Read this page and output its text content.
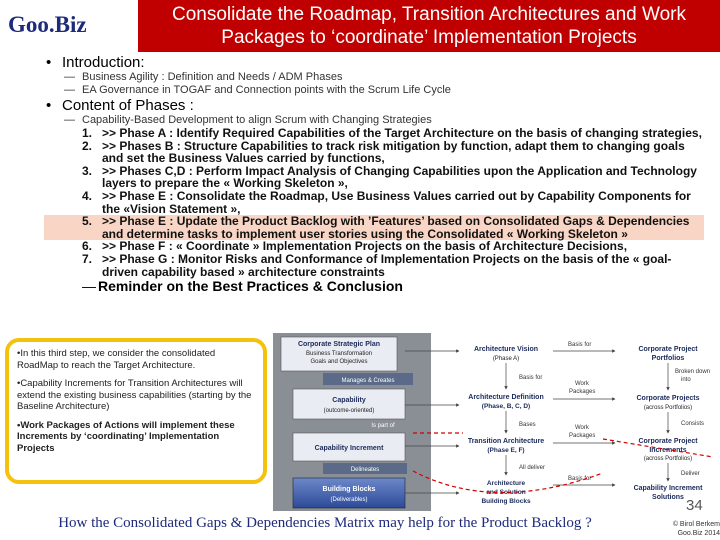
Goo.Biz	Consolidate the Roadmap, Transition Architectures and Work Packages to ‘coordinate’ Implementation Projects
• Introduction:
— Business Agility : Definition and Needs / ADM Phases
— EA Governance in TOGAF and Connection points with the Scrum Life Cycle
• Content of Phases :
— Capability-Based Development to align Scrum with Changing Strategies
1. >> Phase A : Identify Required Capabilities of the Target Architecture on the basis of changing strategies,
2. >> Phases B : Structure Capabilities to track risk mitigation by function, adapt them to changing goals and set the Business Values carried by functions,
3. >> Phases C,D : Perform Impact Analysis of Changing Capabilities upon the Application and Technology layers to prepare the « Working Skeleton »,
4. >> Phase E : Consolidate the Roadmap, Use Business Values carried out by Capability Components for the «Vision Statement »,
5. >> Phase E : Update the Product Backlog with ’Features’ based on Consolidated Gaps & Dependencies and determine tasks to implement user stories using the Consolidated « Working Skeleton »
6. >> Phase F : « Coordinate » Implementation Projects on the basis of Architecture Decisions,
7. >> Phase G : Monitor Risks and Conformance of Implementation Projects on the basis of the « goal-driven capability based » architecture constraints
— Reminder on the Best Practices & Conclusion
Corporate Strategic Plan
Business Transformation
Goals and Objectives
Manages & Creates
Capability
(outcome-oriented)
Is part of
Capability Increment
Delineates
Building Blocks
(Deliverables)
Architecture Vision
(Phase A)
Basis for
Architecture Definition
(Phase, B, C, D)
Bases
Transition Architecture
(Phase E, F)
All deliver
Architecture
and Solution
Building Blocks
Basis for
Work
Packages
Work
Packages
Basis for
Corporate Project
Portfolios
Broken down
into
Corporate Projects
(across Portfolios)
Consists
Corporate Project
Increments
(across Portfolios)
Deliver
Capability Increment
Solutions

•In this third step, we consider the consolidated RoadMap to reach the Target Architecture.

•Capability Increments for Transition Architectures will extend the existing business capabilities (starting by the Baseline Architecture)

•Work Packages of Actions will implement these Increments by ‘coordinating’ Implementation Projects

How the Consolidated Gaps & Dependencies Matrix may help for the Product Backlog ?
34
© Birol Berkem
Goo.Biz 2014
